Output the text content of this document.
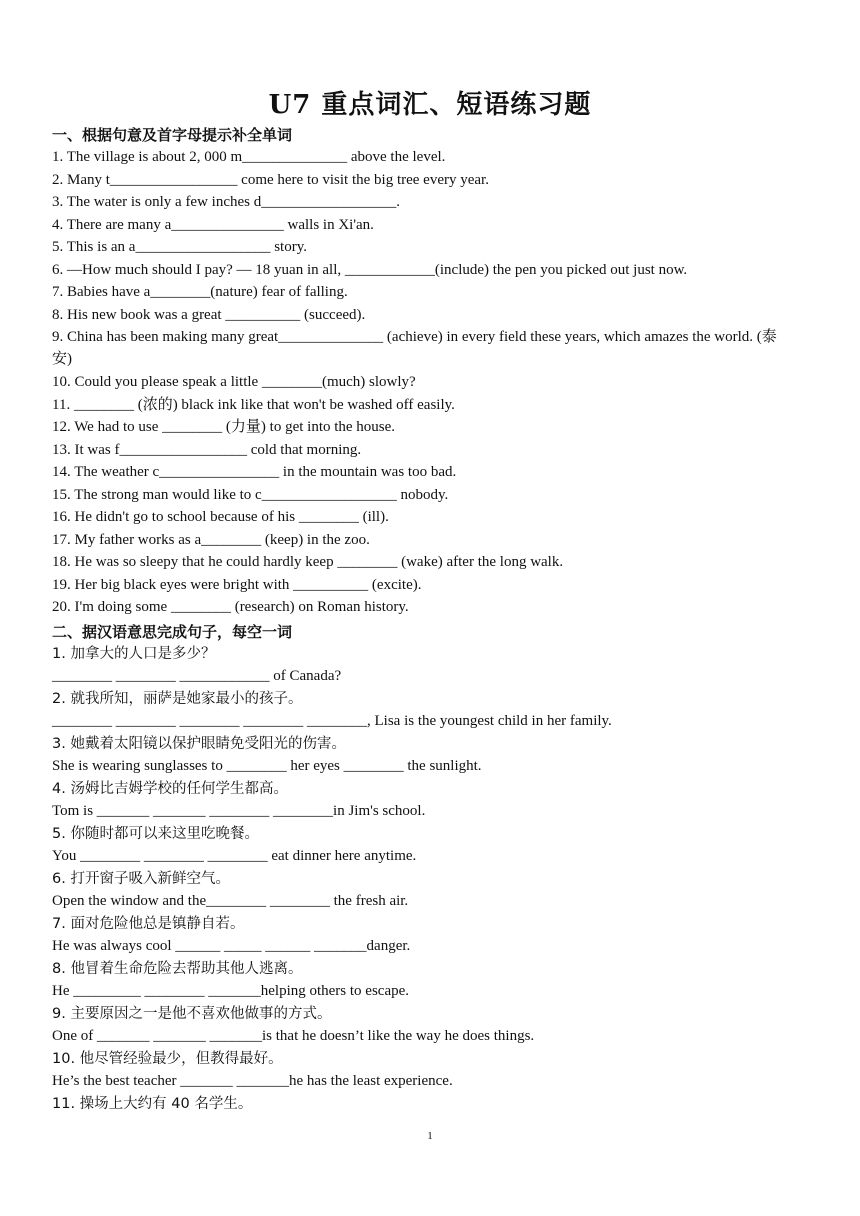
U7 重点词汇、短语练习题
一、根据句意及首字母提示补全单词
1. The village is about 2, 000 m______________ above the level.
2. Many t_________________ come here to visit the big tree every year.
3. The water is only a few inches d__________________.
4. There are many a_______________ walls in Xi'an.
5. This is an a__________________ story.
6. —How much should I pay? — 18 yuan in all, ____________(include) the pen you picked out just now.
7. Babies have a________(nature) fear of falling.
8. His new book was a great __________ (succeed).
9. China has been making many great______________ (achieve) in every field these years, which amazes the world. (泰安)
10. Could you please speak a little ________(much) slowly?
11. ________ (浓的) black ink like that won't be washed off easily.
12. We had to use ________ (力量) to get into the house.
13. It was f_________________ cold that morning.
14. The weather c________________ in the mountain was too bad.
15. The strong man would like to c__________________ nobody.
16. He didn't go to school because of his ________ (ill).
17. My father works as a________ (keep) in the zoo.
18. He was so sleepy that he could hardly keep ________ (wake) after the long walk.
19. Her big black eyes were bright with __________ (excite).
20. I'm doing some ________ (research) on Roman history.
二、据汉语意思完成句子，每空一词
1. 加拿大的人口是多少？
________ ________ ____________ of Canada?
2. 就我所知，丽萨是她家最小的孩子。
________ ________ ________ ________ ________, Lisa is the youngest child in her family.
3. 她戴着太阳镜以保护眼睛免受阳光的伤害。
She is wearing sunglasses to ________ her eyes ________ the sunlight.
4. 汤姆比吉姆学校的任何学生都高。
Tom is _______ _______ ________ ________in Jim's school.
5. 你随时都可以来这里吃晚餐。
You ________ ________ ________ eat dinner here anytime.
6. 打开窗子吸入新鲜空气。
Open the window and the________ ________ the fresh air.
7. 面对危险他总是镇静自若。
He was always cool ______ _____ ______ _______danger.
8. 他冒着生命危险去帮助其他人逃离。
He _________ ________ _______helping others to escape.
9. 主要原因之一是他不喜欢他做事的方式。
One of _______ _______ _______is that he doesn’t like the way he does things.
10. 他尽管经验最少，但教得最好。
He’s the best teacher _______ _______he has the least experience.
11. 操场上大约有 40 名学生。
1
